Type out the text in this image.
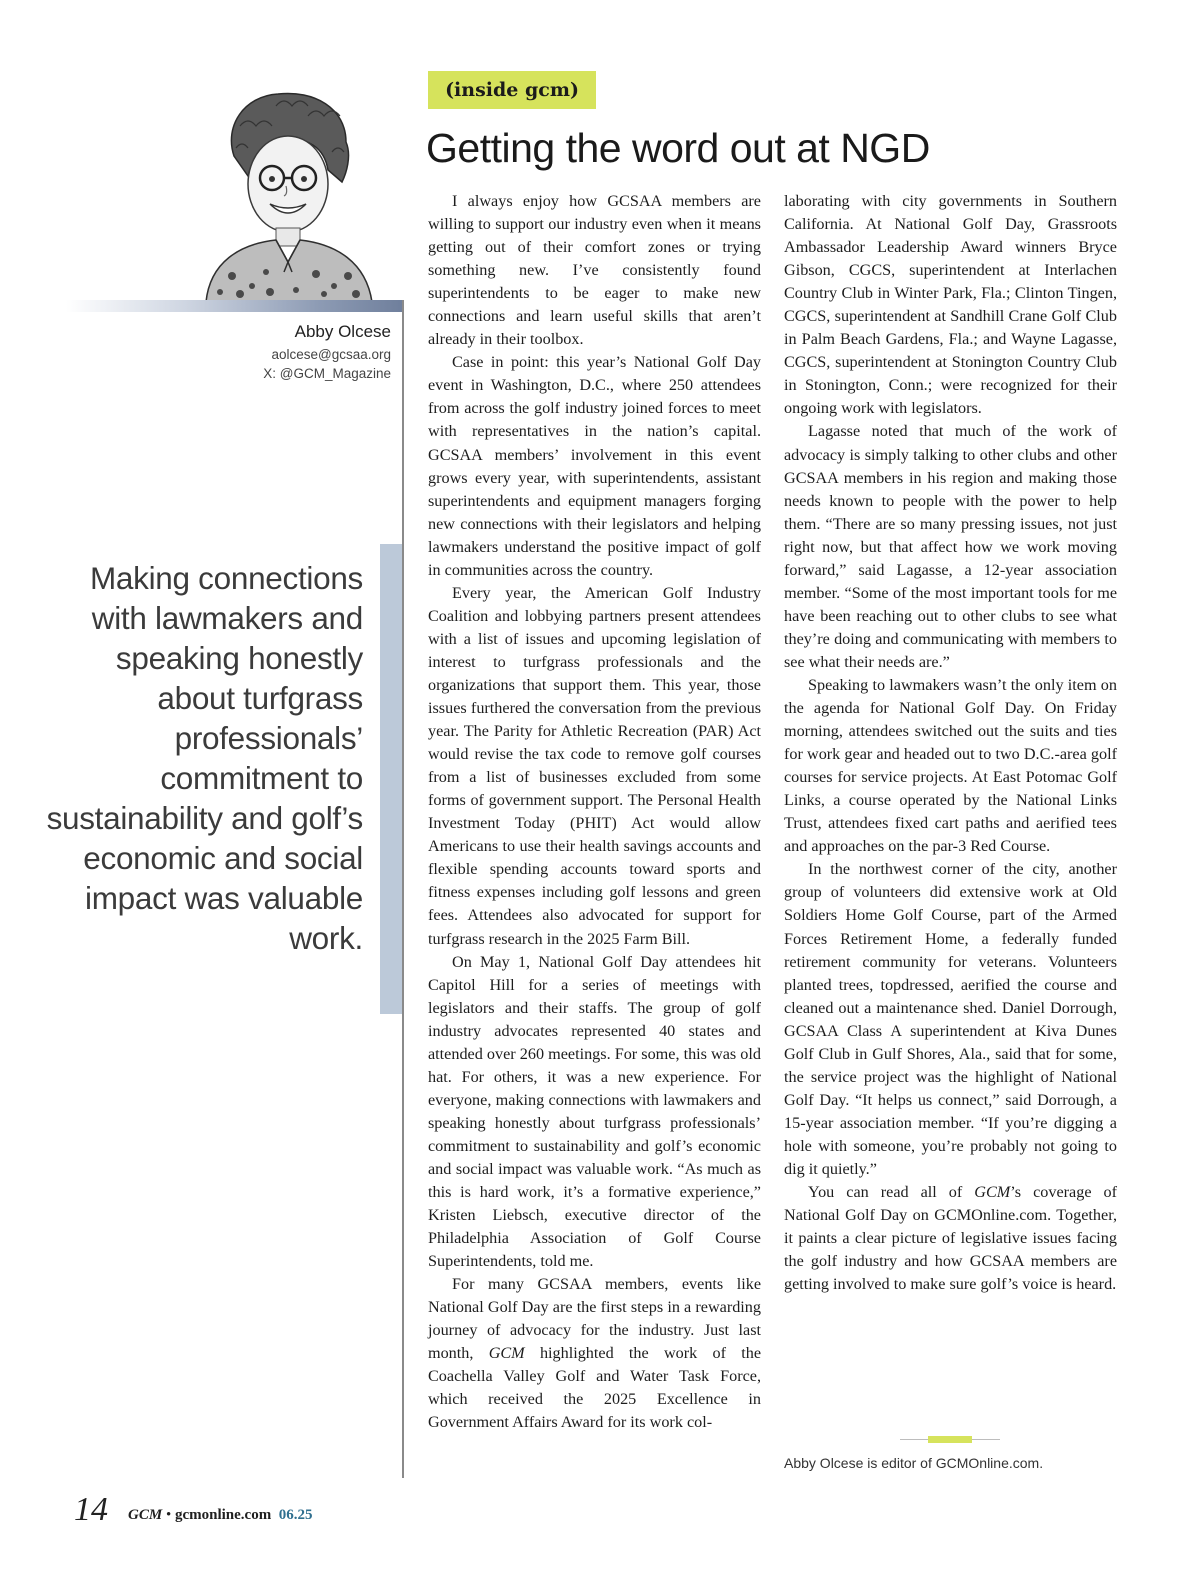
Abby Olcese
aolcese@gcsaa.org
X: @GCM_Magazine
Making connections with lawmakers and speaking honestly about turfgrass professionals’ commitment to sustainability and golf’s economic and social impact was valuable work.
(inside gcm)
Getting the word out at NGD

I always enjoy how GCSAA members are willing to support our industry even when it means getting out of their comfort zones or trying something new. I’ve consistently found superintendents to be eager to make new connections and learn useful skills that aren’t already in their toolbox.

Case in point: this year’s National Golf Day event in Washington, D.C., where 250 attendees from across the golf industry joined forces to meet with representatives in the nation’s capital. GCSAA members’ involvement in this event grows every year, with superintendents, assistant superintendents and equipment managers forging new connections with their legislators and helping lawmakers understand the positive impact of golf in communities across the country.

Every year, the American Golf Industry Coalition and lobbying partners present attendees with a list of issues and upcoming legislation of interest to turfgrass professionals and the organizations that support them. This year, those issues furthered the conversation from the previous year. The Parity for Athletic Recreation (PAR) Act would revise the tax code to remove golf courses from a list of businesses excluded from some forms of government support. The Personal Health Investment Today (PHIT) Act would allow Americans to use their health savings accounts and flexible spending accounts toward sports and fitness expenses including golf lessons and green fees. Attendees also advocated for support for turfgrass research in the 2025 Farm Bill.

On May 1, National Golf Day attendees hit Capitol Hill for a series of meetings with legislators and their staffs. The group of golf industry advocates represented 40 states and attended over 260 meetings. For some, this was old hat. For others, it was a new experience. For everyone, making connections with lawmakers and speaking honestly about turfgrass professionals’ commitment to sustainability and golf’s economic and social impact was valuable work. “As much as this is hard work, it’s a formative experience,” Kristen Liebsch, executive director of the Philadelphia Association of Golf Course Superintendents, told me.

For many GCSAA members, events like National Golf Day are the first steps in a rewarding journey of advocacy for the industry. Just last month, GCM highlighted the work of the Coachella Valley Golf and Water Task Force, which received the 2025 Excellence in Government Affairs Award for its work col-

laborating with city governments in Southern California. At National Golf Day, Grassroots Ambassador Leadership Award winners Bryce Gibson, CGCS, superintendent at Interlachen Country Club in Winter Park, Fla.; Clinton Tingen, CGCS, superintendent at Sandhill Crane Golf Club in Palm Beach Gardens, Fla.; and Wayne Lagasse, CGCS, superintendent at Stonington Country Club in Stonington, Conn.; were recognized for their ongoing work with legislators.

Lagasse noted that much of the work of advocacy is simply talking to other clubs and other GCSAA members in his region and making those needs known to people with the power to help them. “There are so many pressing issues, not just right now, but that affect how we work moving forward,” said Lagasse, a 12-year association member. “Some of the most important tools for me have been reaching out to other clubs to see what they’re doing and communicating with members to see what their needs are.”

Speaking to lawmakers wasn’t the only item on the agenda for National Golf Day. On Friday morning, attendees switched out the suits and ties for work gear and headed out to two D.C.-area golf courses for service projects. At East Potomac Golf Links, a course operated by the National Links Trust, attendees fixed cart paths and aerified tees and approaches on the par-3 Red Course.

In the northwest corner of the city, another group of volunteers did extensive work at Old Soldiers Home Golf Course, part of the Armed Forces Retirement Home, a federally funded retirement community for veterans. Volunteers planted trees, topdressed, aerified the course and cleaned out a maintenance shed. Daniel Dorrough, GCSAA Class A superintendent at Kiva Dunes Golf Club in Gulf Shores, Ala., said that for some, the service project was the highlight of National Golf Day. “It helps us connect,” said Dorrough, a 15-year association member. “If you’re digging a hole with someone, you’re probably not going to dig it quietly.”

You can read all of GCM’s coverage of National Golf Day on GCMOnline.com. Together, it paints a clear picture of legislative issues facing the golf industry and how GCSAA members are getting involved to make sure golf’s voice is heard.

Abby Olcese is editor of GCMOnline.com.
14 GCM • gcmonline.com 06.25
